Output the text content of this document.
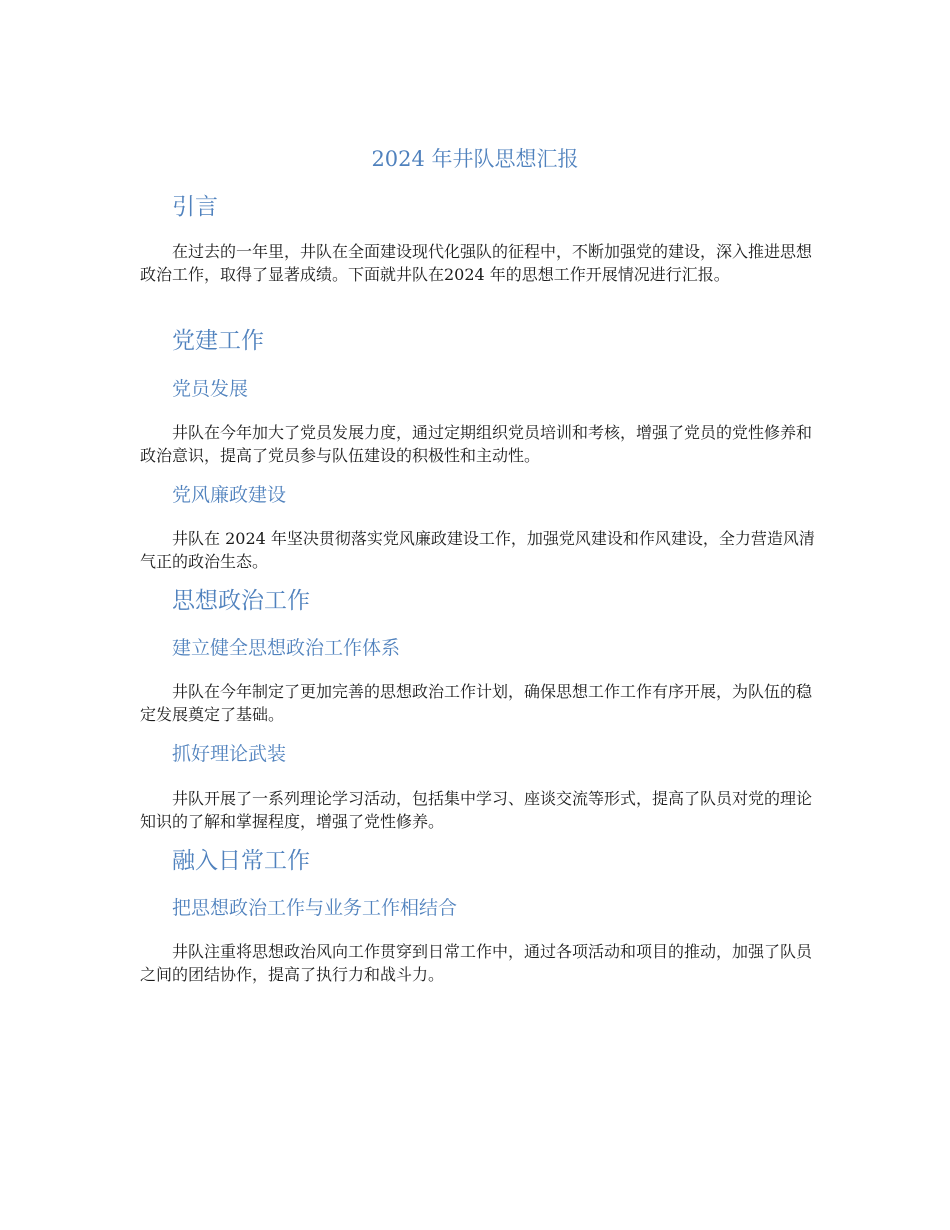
2024 年井队思想汇报
引言

在过去的一年里，井队在全面建设现代化强队的征程中，不断加强党的建设，深入推进思想政治工作，取得了显著成绩。下面就井队在2024 年的思想工作开展情况进行汇报。

党建工作
党员发展

井队在今年加大了党员发展力度，通过定期组织党员培训和考核，增强了党员的党性修养和政治意识，提高了党员参与队伍建设的积极性和主动性。

党风廉政建设

井队在 2024 年坚决贯彻落实党风廉政建设工作，加强党风建设和作风建设，全力营造风清气正的政治生态。

思想政治工作
建立健全思想政治工作体系

井队在今年制定了更加完善的思想政治工作计划，确保思想工作工作有序开展，为队伍的稳定发展奠定了基础。

抓好理论武装

井队开展了一系列理论学习活动，包括集中学习、座谈交流等形式，提高了队员对党的理论知识的了解和掌握程度，增强了党性修养。

融入日常工作
把思想政治工作与业务工作相结合

井队注重将思想政治风向工作贯穿到日常工作中，通过各项活动和项目的推动，加强了队员之间的团结协作，提高了执行力和战斗力。
